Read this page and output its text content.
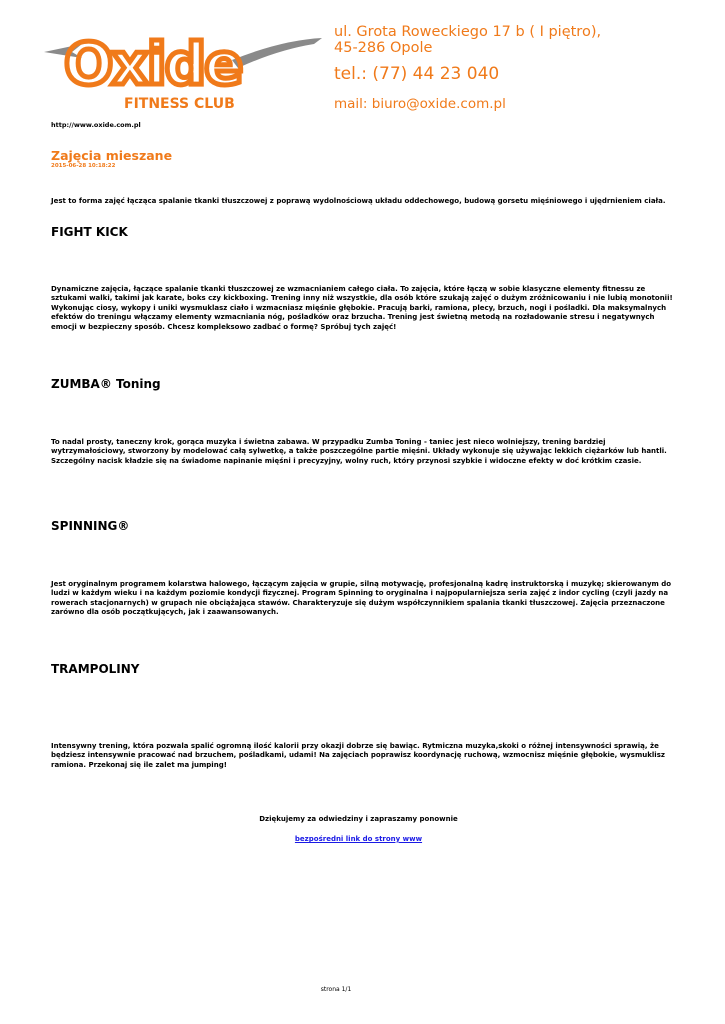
Oxide
FITNESS CLUB
ul. Grota Roweckiego 17 b ( I piętro),
45-286 Opole
tel.: (77) 44 23 040
mail: biuro@oxide.com.pl
http://www.oxide.com.pl
Zajęcia mieszane
2015-06-28 10:18:22
Jest to forma zajęć łącząca spalanie tkanki tłuszczowej z poprawą wydolnościową układu oddechowego, budową gorsetu mięśniowego i ujędrnieniem ciała.
FIGHT KICK
Dynamiczne zajęcia, łączące spalanie tkanki tłuszczowej ze wzmacnianiem całego ciała. To zajęcia, które łączą w sobie klasyczne elementy fitnessu ze sztukami walki, takimi jak karate, boks czy kickboxing. Trening inny niż wszystkie, dla osób które szukają zajęć o dużym zróżnicowaniu i nie lubią monotonii! Wykonując ciosy, wykopy i uniki wysmuklasz ciało i wzmacniasz mięśnie głębokie. Pracują barki, ramiona, plecy, brzuch, nogi i pośladki. Dla maksymalnych efektów do treningu włączamy elementy wzmacniania nóg, pośladków oraz brzucha. Trening jest świetną metodą na rozładowanie stresu i negatywnych emocji w bezpieczny sposób. Chcesz kompleksowo zadbać o formę? Spróbuj tych zajęć!
ZUMBA® Toning
To nadal prosty, taneczny krok, gorąca muzyka i świetna zabawa. W przypadku Zumba Toning - taniec jest nieco wolniejszy, trening bardziej wytrzymałościowy, stworzony by modelować całą sylwetkę, a także poszczególne partie mięśni. Układy wykonuje się używając lekkich ciężarków lub hantli. Szczególny nacisk kładzie się na świadome napinanie mięśni i precyzyjny, wolny ruch, który przynosi szybkie i widoczne efekty w doć krótkim czasie.
SPINNING®
Jest oryginalnym programem kolarstwa halowego, łączącym zajęcia w grupie, silną motywację, profesjonalną kadrę instruktorską i muzykę; skierowanym do ludzi w każdym wieku i na każdym poziomie kondycji fizycznej. Program Spinning to oryginalna i najpopularniejsza seria zajęć z indor cycling (czyli jazdy na rowerach stacjonarnych) w grupach nie obciążająca stawów. Charakteryzuje się dużym współczynnikiem spalania tkanki tłuszczowej. Zajęcia przeznaczone zarówno dla osób początkujących, jak i zaawansowanych.
TRAMPOLINY
Intensywny trening, która pozwala spalić ogromną ilość kalorii przy okazji dobrze się bawiąc. Rytmiczna muzyka,skoki o różnej intensywności sprawią, że będziesz intensywnie pracować nad brzuchem, pośladkami, udami! Na zajęciach poprawisz koordynację ruchową, wzmocnisz mięśnie głębokie, wysmuklisz ramiona. Przekonaj się ile zalet ma jumping!
Dziękujemy za odwiedziny i zapraszamy ponownie
bezpośredni link do strony www
strona 1/1
